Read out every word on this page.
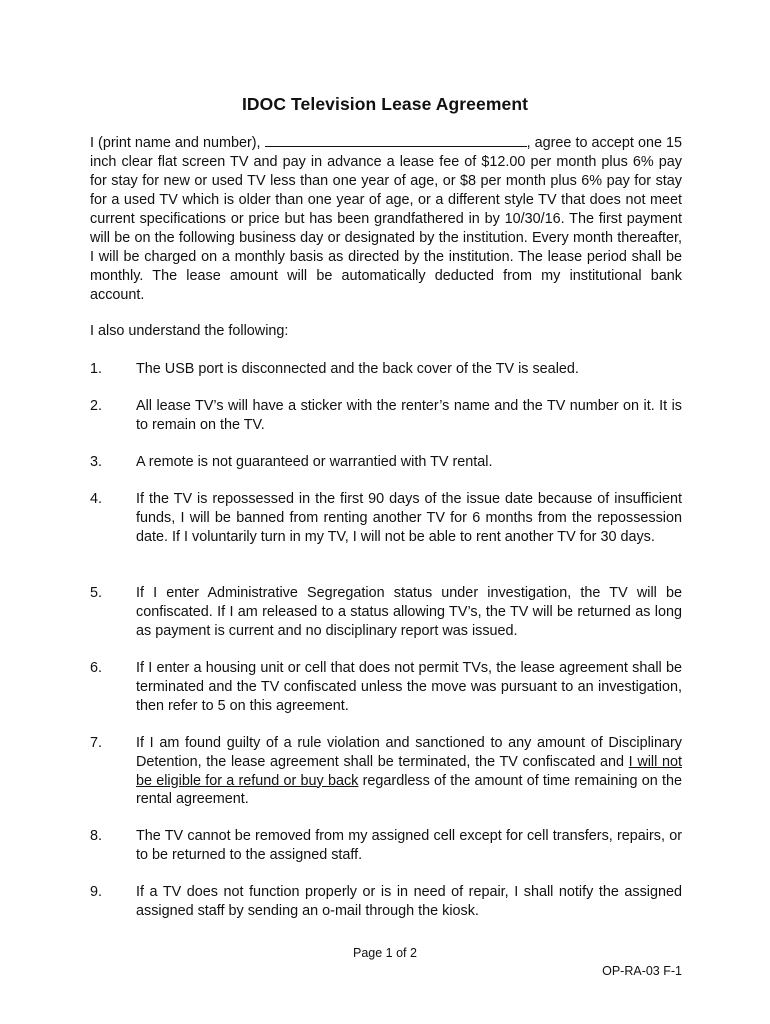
IDOC Television Lease Agreement

I (print name and number),	, agree to accept one 15 inch clear flat screen TV and pay in advance a lease fee of $12.00 per month plus 6% pay for stay for new or used TV less than one year of age, or $8 per month plus 6% pay for stay for a used TV which is older than one year of age, or a different style TV that does not meet current specifications or price but has been grandfathered in by 10/30/16. The first payment will be on the following business day or designated by the institution. Every month thereafter, I will be charged on a monthly basis as directed by the institution. The lease period shall be monthly. The lease amount will be automatically deducted from my institutional bank account.

I also understand the following:

1.	The USB port is disconnected and the back cover of the TV is sealed.
2.	All lease TV’s will have a sticker with the renter’s name and the TV number on it. It is to remain on the TV.
3.	A remote is not guaranteed or warrantied with TV rental.
4.	If the TV is repossessed in the first 90 days of the issue date because of insufficient funds, I will be banned from renting another TV for 6 months from the repossession date. If I voluntarily turn in my TV, I will not be able to rent another TV for 30 days.
5.	If I enter Administrative Segregation status under investigation, the TV will be confiscated. If I am released to a status allowing TV’s, the TV will be returned as long as payment is current and no disciplinary report was issued.
6.	If I enter a housing unit or cell that does not permit TVs, the lease agreement shall be terminated and the TV confiscated unless the move was pursuant to an investigation, then refer to 5 on this agreement.
7.	If I am found guilty of a rule violation and sanctioned to any amount of Disciplinary Detention, the lease agreement shall be terminated, the TV confiscated and I will not be eligible for a refund or buy back regardless of the amount of time remaining on the rental agreement.
8.	The TV cannot be removed from my assigned cell except for cell transfers, repairs, or to be returned to the assigned staff.
9.	If a TV does not function properly or is in need of repair, I shall notify the assigned assigned staff by sending an o-mail through the kiosk.
Page 1 of 2
OP-RA-03 F-1
